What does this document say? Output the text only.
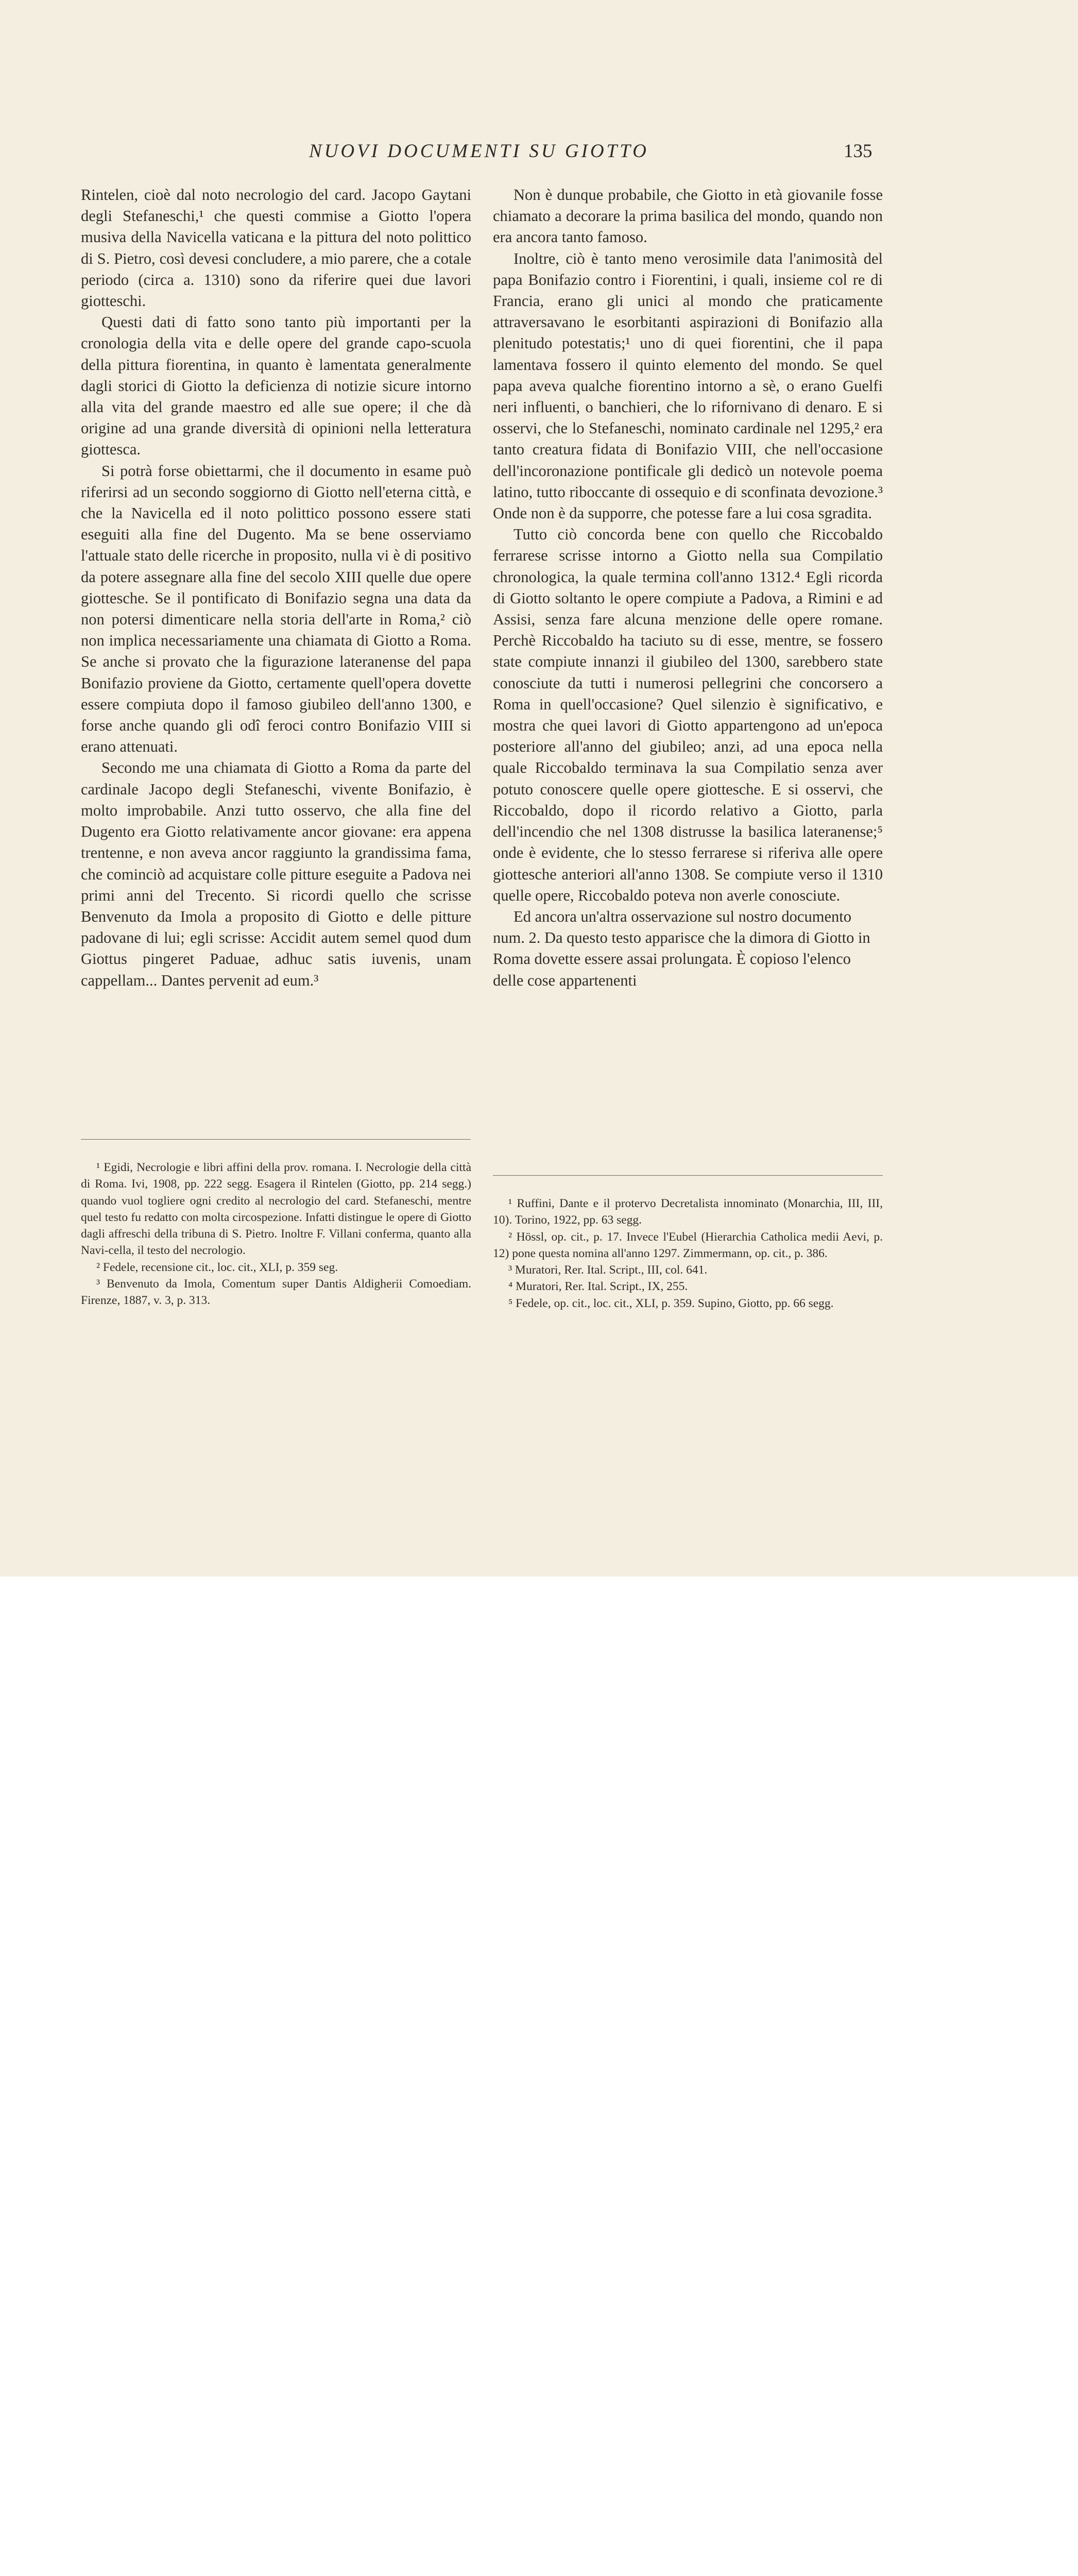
NUOVI DOCUMENTI SU GIOTTO	135

Rintelen, cioè dal noto necrologio del card. Jacopo Gaytani degli Stefaneschi,¹ che questi commise a Giotto l'opera musiva della Navicella vaticana e la pittura del noto polittico di S. Pietro, così devesi concludere, a mio parere, che a cotale periodo (circa a. 1310) sono da riferire quei due lavori giotteschi.

Questi dati di fatto sono tanto più importanti per la cronologia della vita e delle opere del grande capo-scuola della pittura fiorentina, in quanto è lamentata generalmente dagli storici di Giotto la deficienza di notizie sicure intorno alla vita del grande maestro ed alle sue opere; il che dà origine ad una grande diversità di opinioni nella letteratura giottesca.

Si potrà forse obiettarmi, che il documento in esame può riferirsi ad un secondo soggiorno di Giotto nell'eterna città, e che la Navicella ed il noto polittico possono essere stati eseguiti alla fine del Dugento. Ma se bene osserviamo l'attuale stato delle ricerche in proposito, nulla vi è di positivo da potere assegnare alla fine del secolo XIII quelle due opere giottesche. Se il pontificato di Bonifazio segna una data da non potersi dimenticare nella storia dell'arte in Roma,² ciò non implica necessariamente una chiamata di Giotto a Roma. Se anche si provato che la figurazione lateranense del papa Bonifazio proviene da Giotto, certamente quell'opera dovette essere compiuta dopo il famoso giubileo dell'anno 1300, e forse anche quando gli odî feroci contro Bonifazio VIII si erano attenuati.

Secondo me una chiamata di Giotto a Roma da parte del cardinale Jacopo degli Stefaneschi, vivente Bonifazio, è molto improbabile. Anzi tutto osservo, che alla fine del Dugento era Giotto relativamente ancor giovane: era appena trentenne, e non aveva ancor raggiunto la grandissima fama, che cominciò ad acquistare colle pitture eseguite a Padova nei primi anni del Trecento. Si ricordi quello che scrisse Benvenuto da Imola a proposito di Giotto e delle pitture padovane di lui; egli scrisse: Accidit autem semel quod dum Giottus pingeret Paduae, adhuc satis iuvenis, unam cappellam... Dantes pervenit ad eum.³

Non è dunque probabile, che Giotto in età giovanile fosse chiamato a decorare la prima basilica del mondo, quando non era ancora tanto famoso.

Inoltre, ciò è tanto meno verosimile data l'animosità del papa Bonifazio contro i Fiorentini, i quali, insieme col re di Francia, erano gli unici al mondo che praticamente attraversavano le esorbitanti aspirazioni di Bonifazio alla plenitudo potestatis;¹ uno di quei fiorentini, che il papa lamentava fossero il quinto elemento del mondo. Se quel papa aveva qualche fiorentino intorno a sè, o erano Guelfi neri influenti, o banchieri, che lo rifornivano di denaro. E si osservi, che lo Stefaneschi, nominato cardinale nel 1295,² era tanto creatura fidata di Bonifazio VIII, che nell'occasione dell'incoronazione pontificale gli dedicò un notevole poema latino, tutto riboccante di ossequio e di sconfinata devozione.³ Onde non è da supporre, che potesse fare a lui cosa sgradita.

Tutto ciò concorda bene con quello che Riccobaldo ferrarese scrisse intorno a Giotto nella sua Compilatio chronologica, la quale termina coll'anno 1312.⁴ Egli ricorda di Giotto soltanto le opere compiute a Padova, a Rimini e ad Assisi, senza fare alcuna menzione delle opere romane. Perchè Riccobaldo ha taciuto su di esse, mentre, se fossero state compiute innanzi il giubileo del 1300, sarebbero state conosciute da tutti i numerosi pellegrini che concorsero a Roma in quell'occasione? Quel silenzio è significativo, e mostra che quei lavori di Giotto appartengono ad un'epoca posteriore all'anno del giubileo; anzi, ad una epoca nella quale Riccobaldo terminava la sua Compilatio senza aver potuto conoscere quelle opere giottesche. E si osservi, che Riccobaldo, dopo il ricordo relativo a Giotto, parla dell'incendio che nel 1308 distrusse la basilica lateranense;⁵ onde è evidente, che lo stesso ferrarese si riferiva alle opere giottesche anteriori all'anno 1308. Se compiute verso il 1310 quelle opere, Riccobaldo poteva non averle conosciute.

Ed ancora un'altra osservazione sul nostro documento num. 2. Da questo testo apparisce che la dimora di Giotto in Roma dovette essere assai prolungata. È copioso l'elenco delle cose appartenenti

¹ Egidi, Necrologie e libri affini della prov. romana. I. Necrologie della città di Roma. Ivi, 1908, pp. 222 segg. Esagera il Rintelen (Giotto, pp. 214 segg.) quando vuol togliere ogni credito al necrologio del card. Stefaneschi, mentre quel testo fu redatto con molta circospezione. Infatti distingue le opere di Giotto dagli affreschi della tribuna di S. Pietro. Inoltre F. Villani conferma, quanto alla Navi-cella, il testo del necrologio.

² Fedele, recensione cit., loc. cit., XLI, p. 359 seg.

³ Benvenuto da Imola, Comentum super Dantis Aldigherii Comoediam. Firenze, 1887, v. 3, p. 313.

¹ Ruffini, Dante e il protervo Decretalista innominato (Monarchia, III, III, 10). Torino, 1922, pp. 63 segg.

² Hössl, op. cit., p. 17. Invece l'Eubel (Hierarchia Catholica medii Aevi, p. 12) pone questa nomina all'anno 1297. Zimmermann, op. cit., p. 386.

³ Muratori, Rer. Ital. Script., III, col. 641.

⁴ Muratori, Rer. Ital. Script., IX, 255.

⁵ Fedele, op. cit., loc. cit., XLI, p. 359. Supino, Giotto, pp. 66 segg.
